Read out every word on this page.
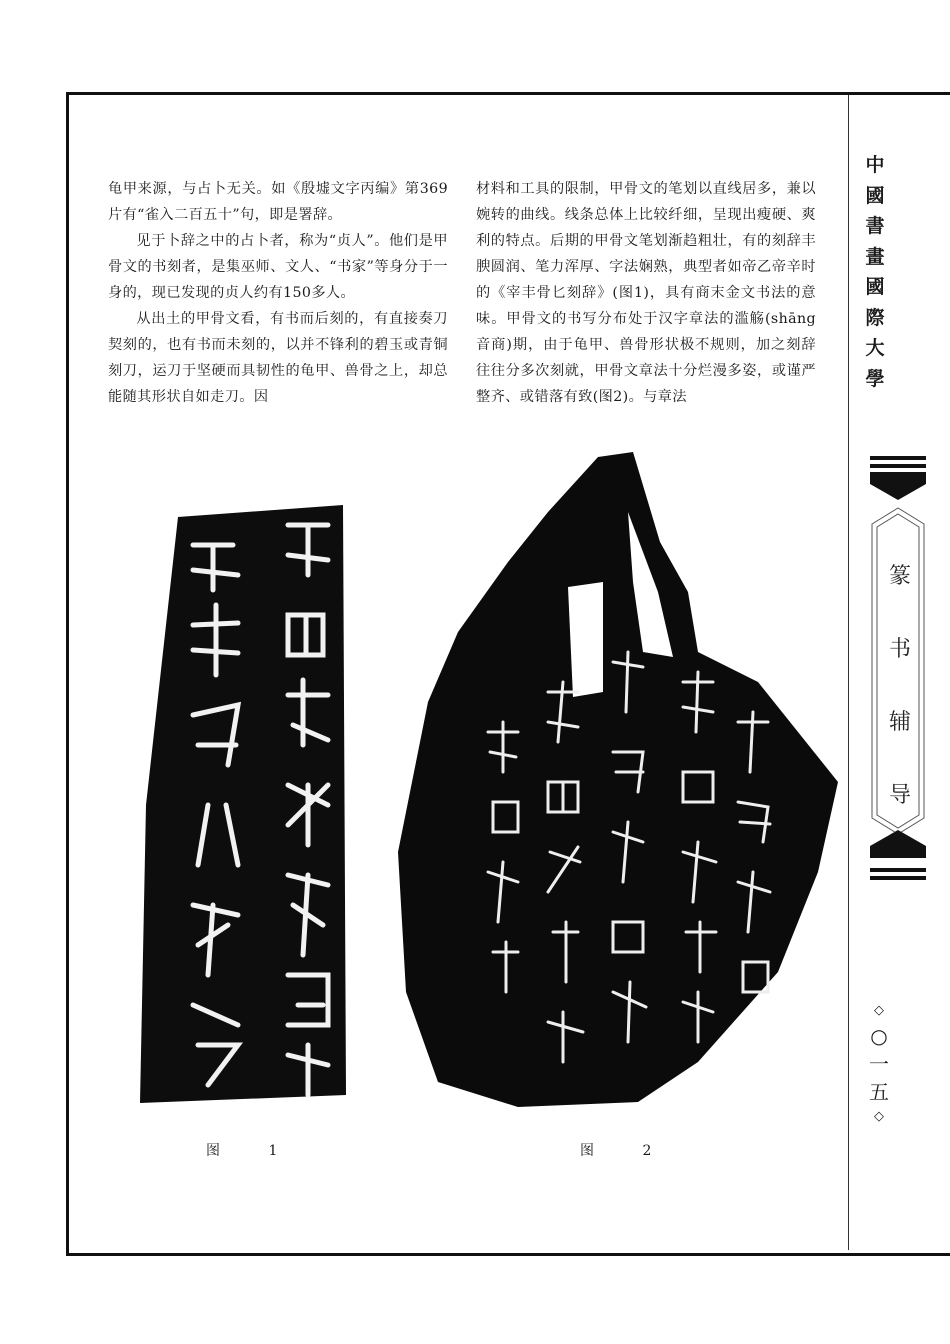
龟甲来源，与占卜无关。如《殷墟文字丙编》第369片有“雀入二百五十”句，即是署辞。

见于卜辞之中的占卜者，称为“贞人”。他们是甲骨文的书刻者，是集巫师、文人、“书家”等身分于一身的，现已发现的贞人约有150多人。

从出土的甲骨文看，有书而后刻的，有直接奏刀契刻的，也有书而未刻的，以并不锋利的碧玉或青铜刻刀，运刀于坚硬而具韧性的龟甲、兽骨之上，却总能随其形状自如走刀。因

材料和工具的限制，甲骨文的笔划以直线居多，兼以婉转的曲线。线条总体上比较纤细，呈现出瘦硬、爽利的特点。后期的甲骨文笔划渐趋粗壮，有的刻辞丰腴圆润、笔力浑厚、字法娴熟，典型者如帝乙帝辛时的《宰丰骨匕刻辞》(图1)，具有商末金文书法的意味。甲骨文的书写分布处于汉字章法的滥觞(shāng 音商)期，由于龟甲、兽骨形状极不规则，加之刻辞往往分多次刻就，甲骨文章法十分烂漫多姿，或谨严整齐、或错落有致(图2)。与章法

图 1	图 2
中國書畫國際大學
篆书辅导
◇
○一五
◇
